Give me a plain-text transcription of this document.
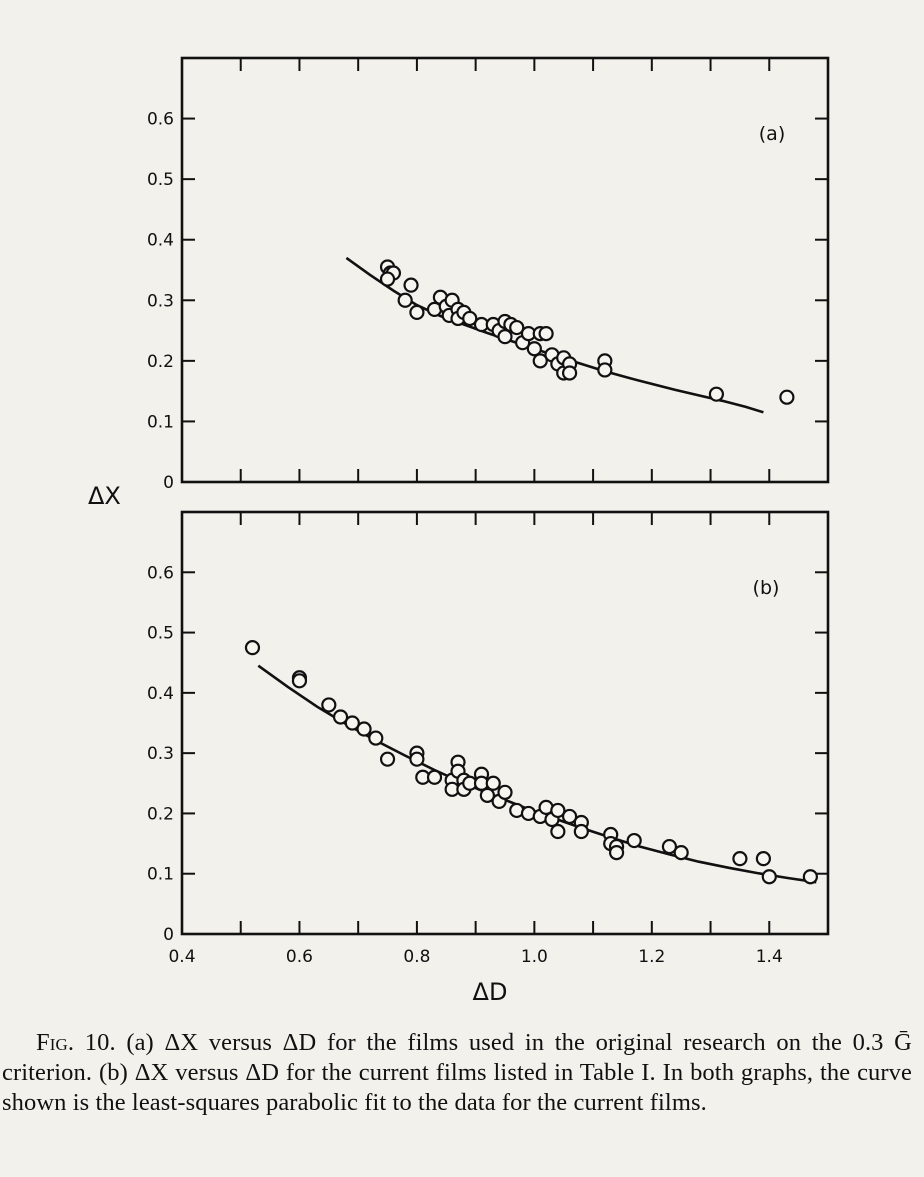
0
0.1
0.2
0.3
0.4
0.5
0.6
(a)
0
0.1
0.2
0.3
0.4
0.5
0.6
0.4	0.6	0.8	1.0	1.2	1.4
(b)
ΔX
ΔD

Fig. 10. (a) ΔX versus ΔD for the films used in the original research on the 0.3 Ḡ criterion. (b) ΔX versus ΔD for the current films listed in Table I. In both graphs, the curve shown is the least-squares parabolic fit to the data for the current films.
